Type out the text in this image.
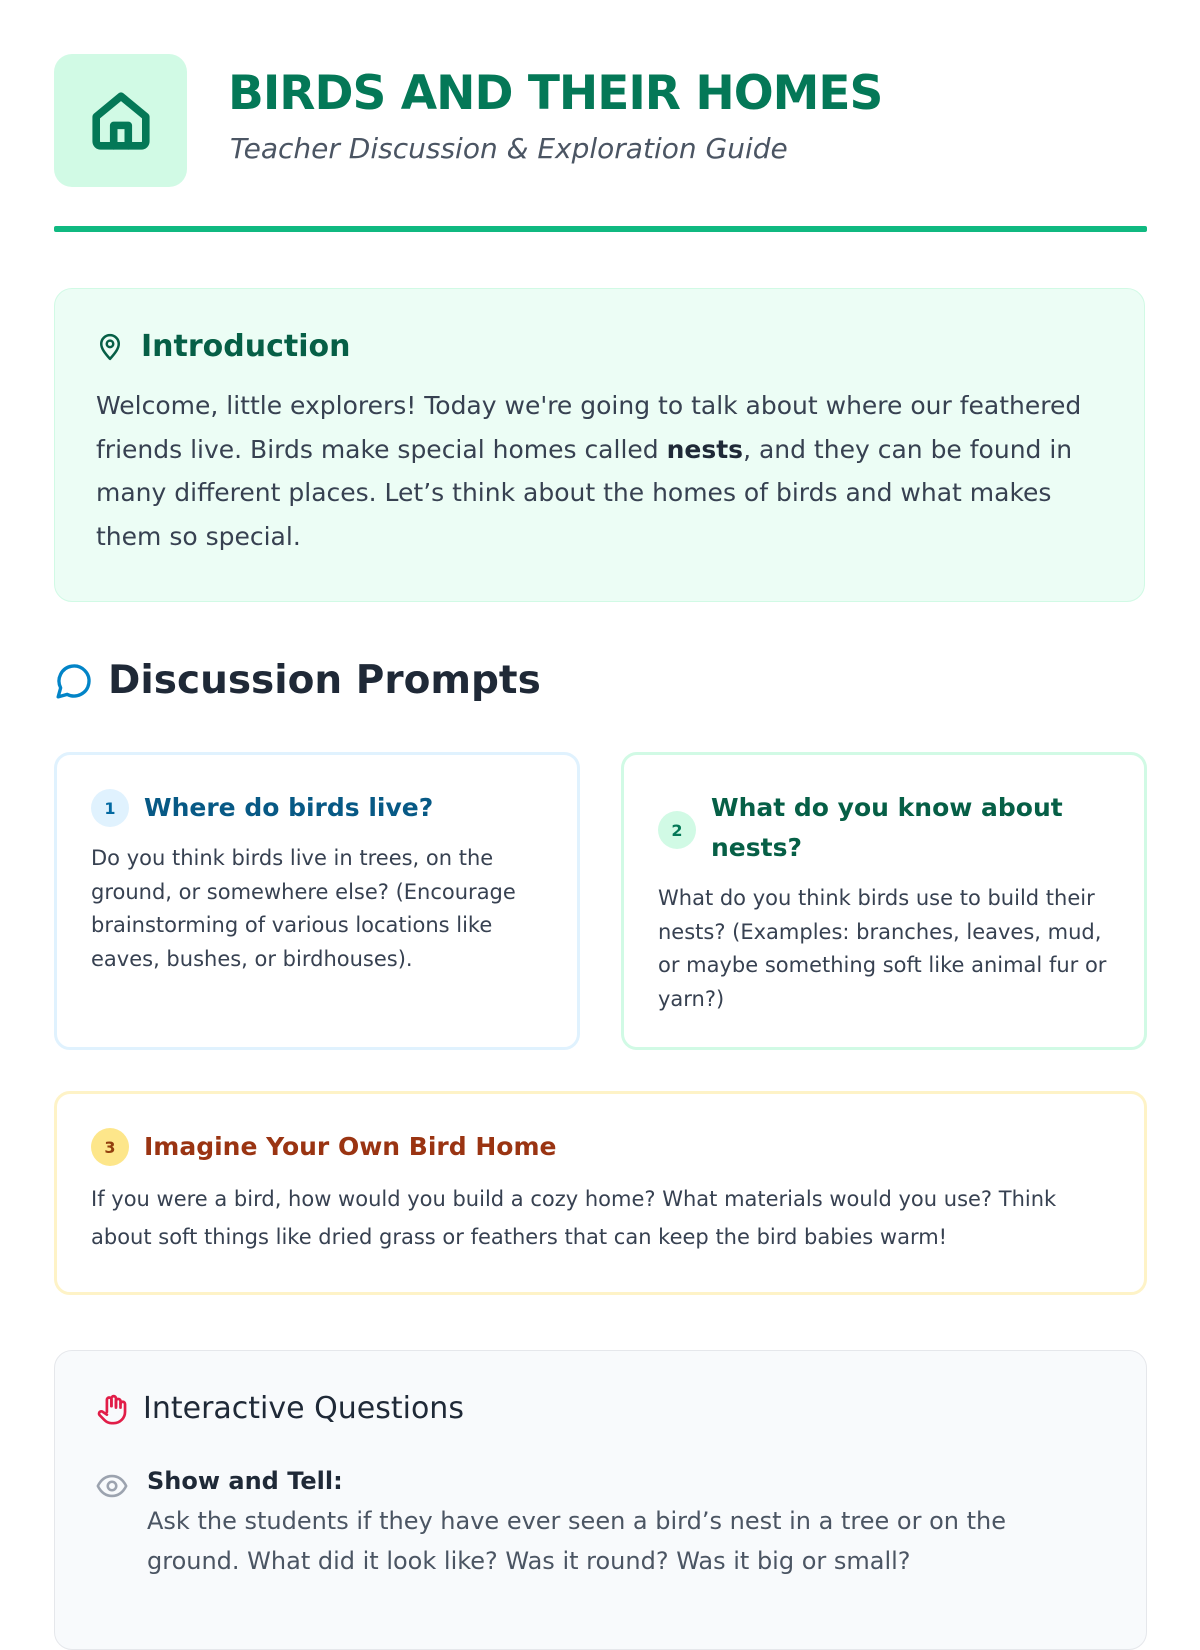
BIRDS AND THEIR HOMES
Teacher Discussion & Exploration Guide
Introduction
Welcome, little explorers! Today we're going to talk about where our feathered friends live. Birds make special homes called nests, and they can be found in many different places. Let’s think about the homes of birds and what makes them so special.
Discussion Prompts
1	Where do birds live?
Do you think birds live in trees, on the ground, or somewhere else? (Encourage brainstorming of various locations like eaves, bushes, or birdhouses).
2
What do you know about nests?
What do you think birds use to build their nests? (Examples: branches, leaves, mud, or maybe something soft like animal fur or yarn?)
3	Imagine Your Own Bird Home
If you were a bird, how would you build a cozy home? What materials would you use? Think about soft things like dried grass or feathers that can keep the bird babies warm!
Interactive Questions
Show and Tell:
Ask the students if they have ever seen a bird’s nest in a tree or on the ground. What did it look like? Was it round? Was it big or small?
